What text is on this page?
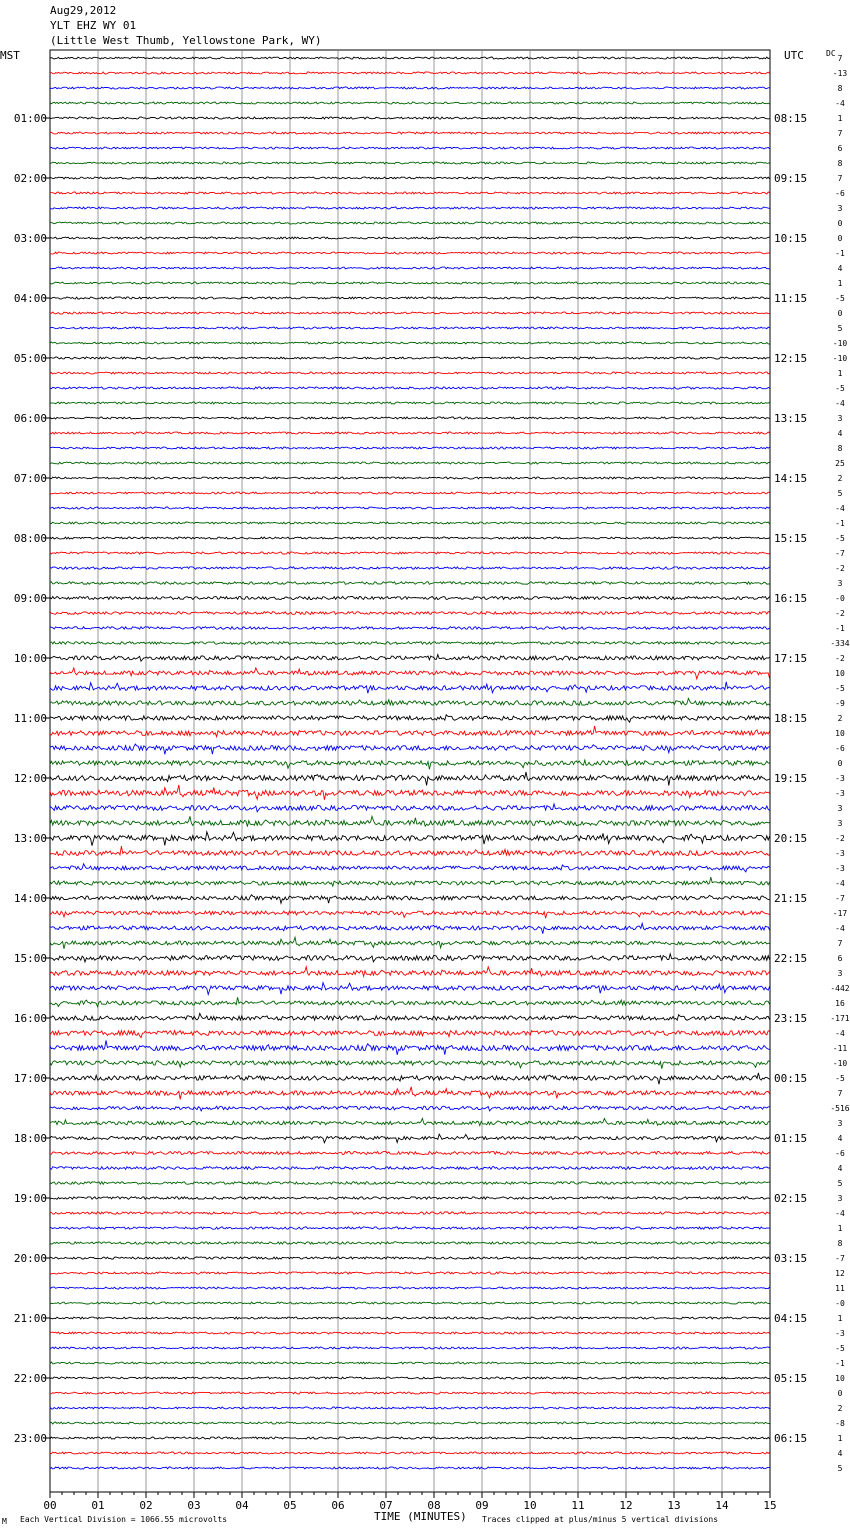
Aug29,2012
YLT EHZ WY 01
(Little West Thumb, Yellowstone Park, WY)
MST	UTC	DC
7
-13
8
-4
1
7
6
8
7
-6
3
0
0
-1
4
1
-5
0
5
-10
-10
1
-5
-4
3
4
8
25
2
5
-4
-1
-5
-7
-2
3
-0
-2
-1
-334
-2
10
-5
-9
2
10
-6
0
-3
-3
3
3
-2
-3
-3
-4
-7
-17
-4
7
6
3
-442
16
-171
-4
-11
-10
-5
7
-516
3
4
-6
4
5
3
-4
1
8
-7
12
11
-0
1
-3
-5
-1
10
0
2
-8
1
4
5
01:00
02:00
03:00
04:00
05:00
06:00
07:00
08:00
09:00
10:00
11:00
12:00
13:00
14:00
15:00
16:00
17:00
18:00
19:00
20:00
21:00
22:00
23:00
08:15
09:15
10:15
11:15
12:15
13:15
14:15
15:15
16:15
17:15
18:15
19:15
20:15
21:15
22:15
23:15
00:15
01:15
02:15
03:15
04:15
05:15
06:15
00	01	02	03	04	05	06	07	08	09	10	11	12	13	14	15
M Each Vertical Division = 1066.55 microvolts	TIME (MINUTES) Traces clipped at plus/minus 5 vertical divisions
